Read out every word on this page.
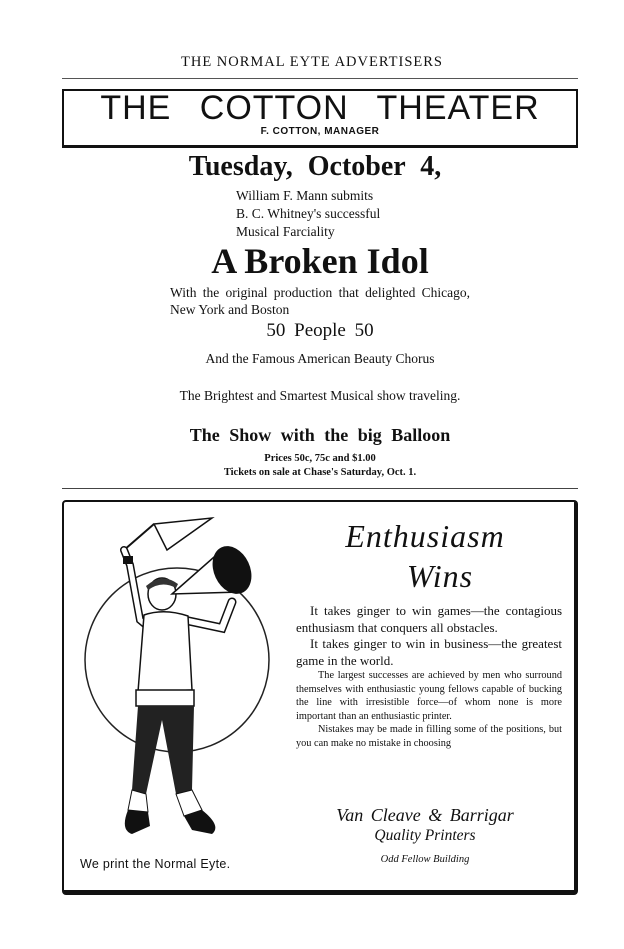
THE NORMAL EYTE ADVERTISERS
THE COTTON THEATER
F. COTTON, MANAGER
Tuesday, October 4,
William F. Mann submits
B. C. Whitney's successful
Musical Farciality
A Broken Idol
With the original production that delighted Chicago, New York and Boston
50 People 50
And the Famous American Beauty Chorus
The Brightest and Smartest Musical show traveling.
The Show with the big Balloon
Prices 50c, 75c and $1.00
Tickets on sale at Chase's Saturday, Oct. 1.
Enthusiasm
Wins

It takes ginger to win games—the contagious enthusiasm that conquers all obstacles.

It takes ginger to win in business—the greatest game in the world.

The largest successes are achieved by men who surround themselves with enthusiastic young fellows capable of bucking the line with irresistible force—of whom none is more important than an enthusiastic printer.

Nistakes may be made in filling some of the positions, but you can make no mistake in choosing

Van Cleave & Barrigar
Quality Printers
Odd Fellow Building
We print the Normal Eyte.
